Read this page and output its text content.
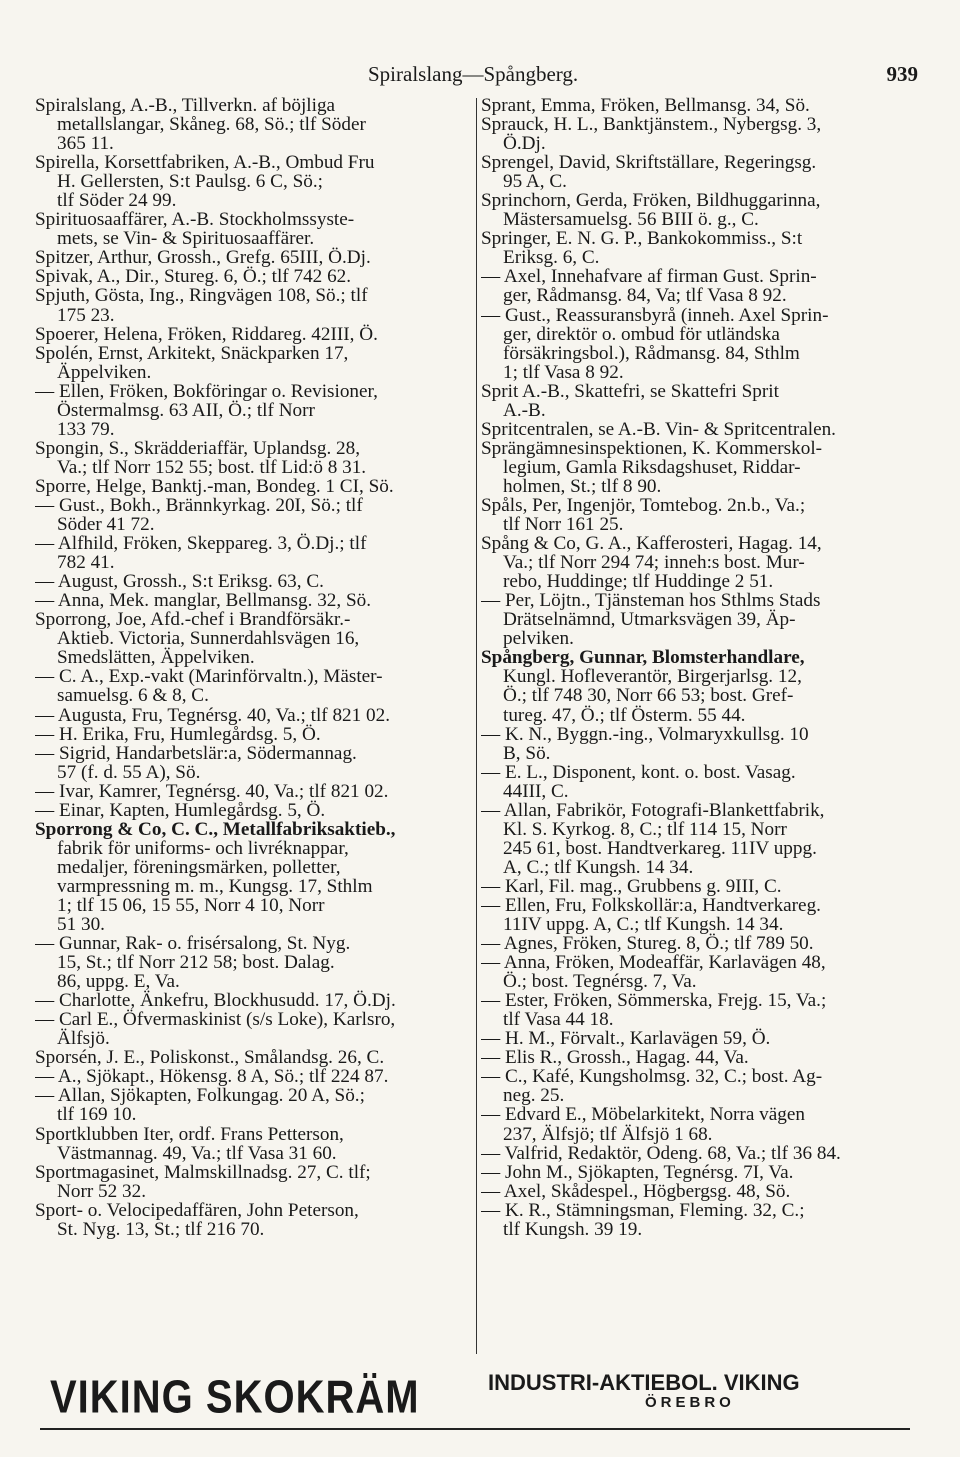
Spiralslang—Spångberg.	939
Spiralslang, A.-B., Tillverkn. af böjliga
metallslangar, Skåneg. 68, Sö.; tlf Söder
365 11.
Spirella, Korsettfabriken, A.-B., Ombud Fru
H. Gellersten, S:t Paulsg. 6 C, Sö.;
tlf Söder 24 99.
Spirituosaaffärer, A.-B. Stockholmssyste-
mets, se Vin- & Spirituosaaffärer.
Spitzer, Arthur, Grossh., Grefg. 65III, Ö.Dj.
Spivak, A., Dir., Stureg. 6, Ö.; tlf 742 62.
Spjuth, Gösta, Ing., Ringvägen 108, Sö.; tlf
175 23.
Spoerer, Helena, Fröken, Riddareg. 42III, Ö.
Spolén, Ernst, Arkitekt, Snäckparken 17,
Äppelviken.
— Ellen, Fröken, Bokföringar o. Revisioner,
Östermalmsg. 63 AII, Ö.; tlf Norr
133 79.
Spongin, S., Skrädderiaffär, Uplandsg. 28,
Va.; tlf Norr 152 55; bost. tlf Lid:ö 8 31.
Sporre, Helge, Banktj.-man, Bondeg. 1 CI, Sö.
— Gust., Bokh., Brännkyrkag. 20I, Sö.; tlf
Söder 41 72.
— Alfhild, Fröken, Skeppareg. 3, Ö.Dj.; tlf
782 41.
— August, Grossh., S:t Eriksg. 63, C.
— Anna, Mek. manglar, Bellmansg. 32, Sö.
Sporrong, Joe, Afd.-chef i Brandförsäkr.-
Aktieb. Victoria, Sunnerdahlsvägen 16,
Smedslätten, Äppelviken.
— C. A., Exp.-vakt (Marinförvaltn.), Mäster-
samuelsg. 6 & 8, C.
— Augusta, Fru, Tegnérsg. 40, Va.; tlf 821 02.
— H. Erika, Fru, Humlegårdsg. 5, Ö.
— Sigrid, Handarbetslär:a, Södermannag.
57 (f. d. 55 A), Sö.
— Ivar, Kamrer, Tegnérsg. 40, Va.; tlf 821 02.
— Einar, Kapten, Humlegårdsg. 5, Ö.
Sporrong & Co, C. C., Metallfabriksaktieb.,
fabrik för uniforms- och livréknappar,
medaljer, föreningsmärken, polletter,
varmpressning m. m., Kungsg. 17, Sthlm
1; tlf 15 06, 15 55, Norr 4 10, Norr
51 30.
— Gunnar, Rak- o. frisérsalong, St. Nyg.
15, St.; tlf Norr 212 58; bost. Dalag.
86, uppg. E, Va.
— Charlotte, Änkefru, Blockhusudd. 17, Ö.Dj.
— Carl E., Öfvermaskinist (s/s Loke), Karlsro,
Älfsjö.
Sporsén, J. E., Poliskonst., Smålandsg. 26, C.
— A., Sjökapt., Hökensg. 8 A, Sö.; tlf 224 87.
— Allan, Sjökapten, Folkungag. 20 A, Sö.;
tlf 169 10.
Sportklubben Iter, ordf. Frans Petterson,
Västmannag. 49, Va.; tlf Vasa 31 60.
Sportmagasinet, Malmskillnadsg. 27, C. tlf;
Norr 52 32.
Sport- o. Velocipedaffären, John Peterson,
St. Nyg. 13, St.; tlf 216 70.
Sprant, Emma, Fröken, Bellmansg. 34, Sö.
Sprauck, H. L., Banktjänstem., Nybergsg. 3,
Ö.Dj.
Sprengel, David, Skriftställare, Regeringsg.
95 A, C.
Sprinchorn, Gerda, Fröken, Bildhuggarinna,
Mästersamuelsg. 56 BIII ö. g., C.
Springer, E. N. G. P., Bankokommiss., S:t
Eriksg. 6, C.
— Axel, Innehafvare af firman Gust. Sprin-
ger, Rådmansg. 84, Va; tlf Vasa 8 92.
— Gust., Reassuransbyrå (inneh. Axel Sprin-
ger, direktör o. ombud för utländska
försäkringsbol.), Rådmansg. 84, Sthlm
1; tlf Vasa 8 92.
Sprit A.-B., Skattefri, se Skattefri Sprit
A.-B.
Spritcentralen, se A.-B. Vin- & Spritcentralen.
Sprängämnesinspektionen, K. Kommerskol-
legium, Gamla Riksdagshuset, Riddar-
holmen, St.; tlf 8 90.
Spåls, Per, Ingenjör, Tomtebog. 2n.b., Va.;
tlf Norr 161 25.
Spång & Co, G. A., Kafferosteri, Hagag. 14,
Va.; tlf Norr 294 74; inneh:s bost. Mur-
rebo, Huddinge; tlf Huddinge 2 51.
— Per, Löjtn., Tjänsteman hos Sthlms Stads
Drätselnämnd, Utmarksvägen 39, Äp-
pelviken.
Spångberg, Gunnar, Blomsterhandlare,
Kungl. Hofleverantör, Birgerjarlsg. 12,
Ö.; tlf 748 30, Norr 66 53; bost. Gref-
tureg. 47, Ö.; tlf Österm. 55 44.
— K. N., Byggn.-ing., Volmaryxkullsg. 10
B, Sö.
— E. L., Disponent, kont. o. bost. Vasag.
44III, C.
— Allan, Fabrikör, Fotografi-Blankettfabrik,
Kl. S. Kyrkog. 8, C.; tlf 114 15, Norr
245 61, bost. Handtverkareg. 11IV uppg.
A, C.; tlf Kungsh. 14 34.
— Karl, Fil. mag., Grubbens g. 9III, C.
— Ellen, Fru, Folkskollär:a, Handtverkareg.
11IV uppg. A, C.; tlf Kungsh. 14 34.
— Agnes, Fröken, Stureg. 8, Ö.; tlf 789 50.
— Anna, Fröken, Modeaffär, Karlavägen 48,
Ö.; bost. Tegnérsg. 7, Va.
— Ester, Fröken, Sömmerska, Frejg. 15, Va.;
tlf Vasa 44 18.
— H. M., Förvalt., Karlavägen 59, Ö.
— Elis R., Grossh., Hagag. 44, Va.
— C., Kafé, Kungsholmsg. 32, C.; bost. Ag-
neg. 25.
— Edvard E., Möbelarkitekt, Norra vägen
237, Älfsjö; tlf Älfsjö 1 68.
— Valfrid, Redaktör, Odeng. 68, Va.; tlf 36 84.
— John M., Sjökapten, Tegnérsg. 7I, Va.
— Axel, Skådespel., Högbergsg. 48, Sö.
— K. R., Stämningsman, Fleming. 32, C.;
tlf Kungsh. 39 19.
VIKING SKOKRÄM	INDUSTRI-AKTIEBOL. VIKING
ÖREBRO
